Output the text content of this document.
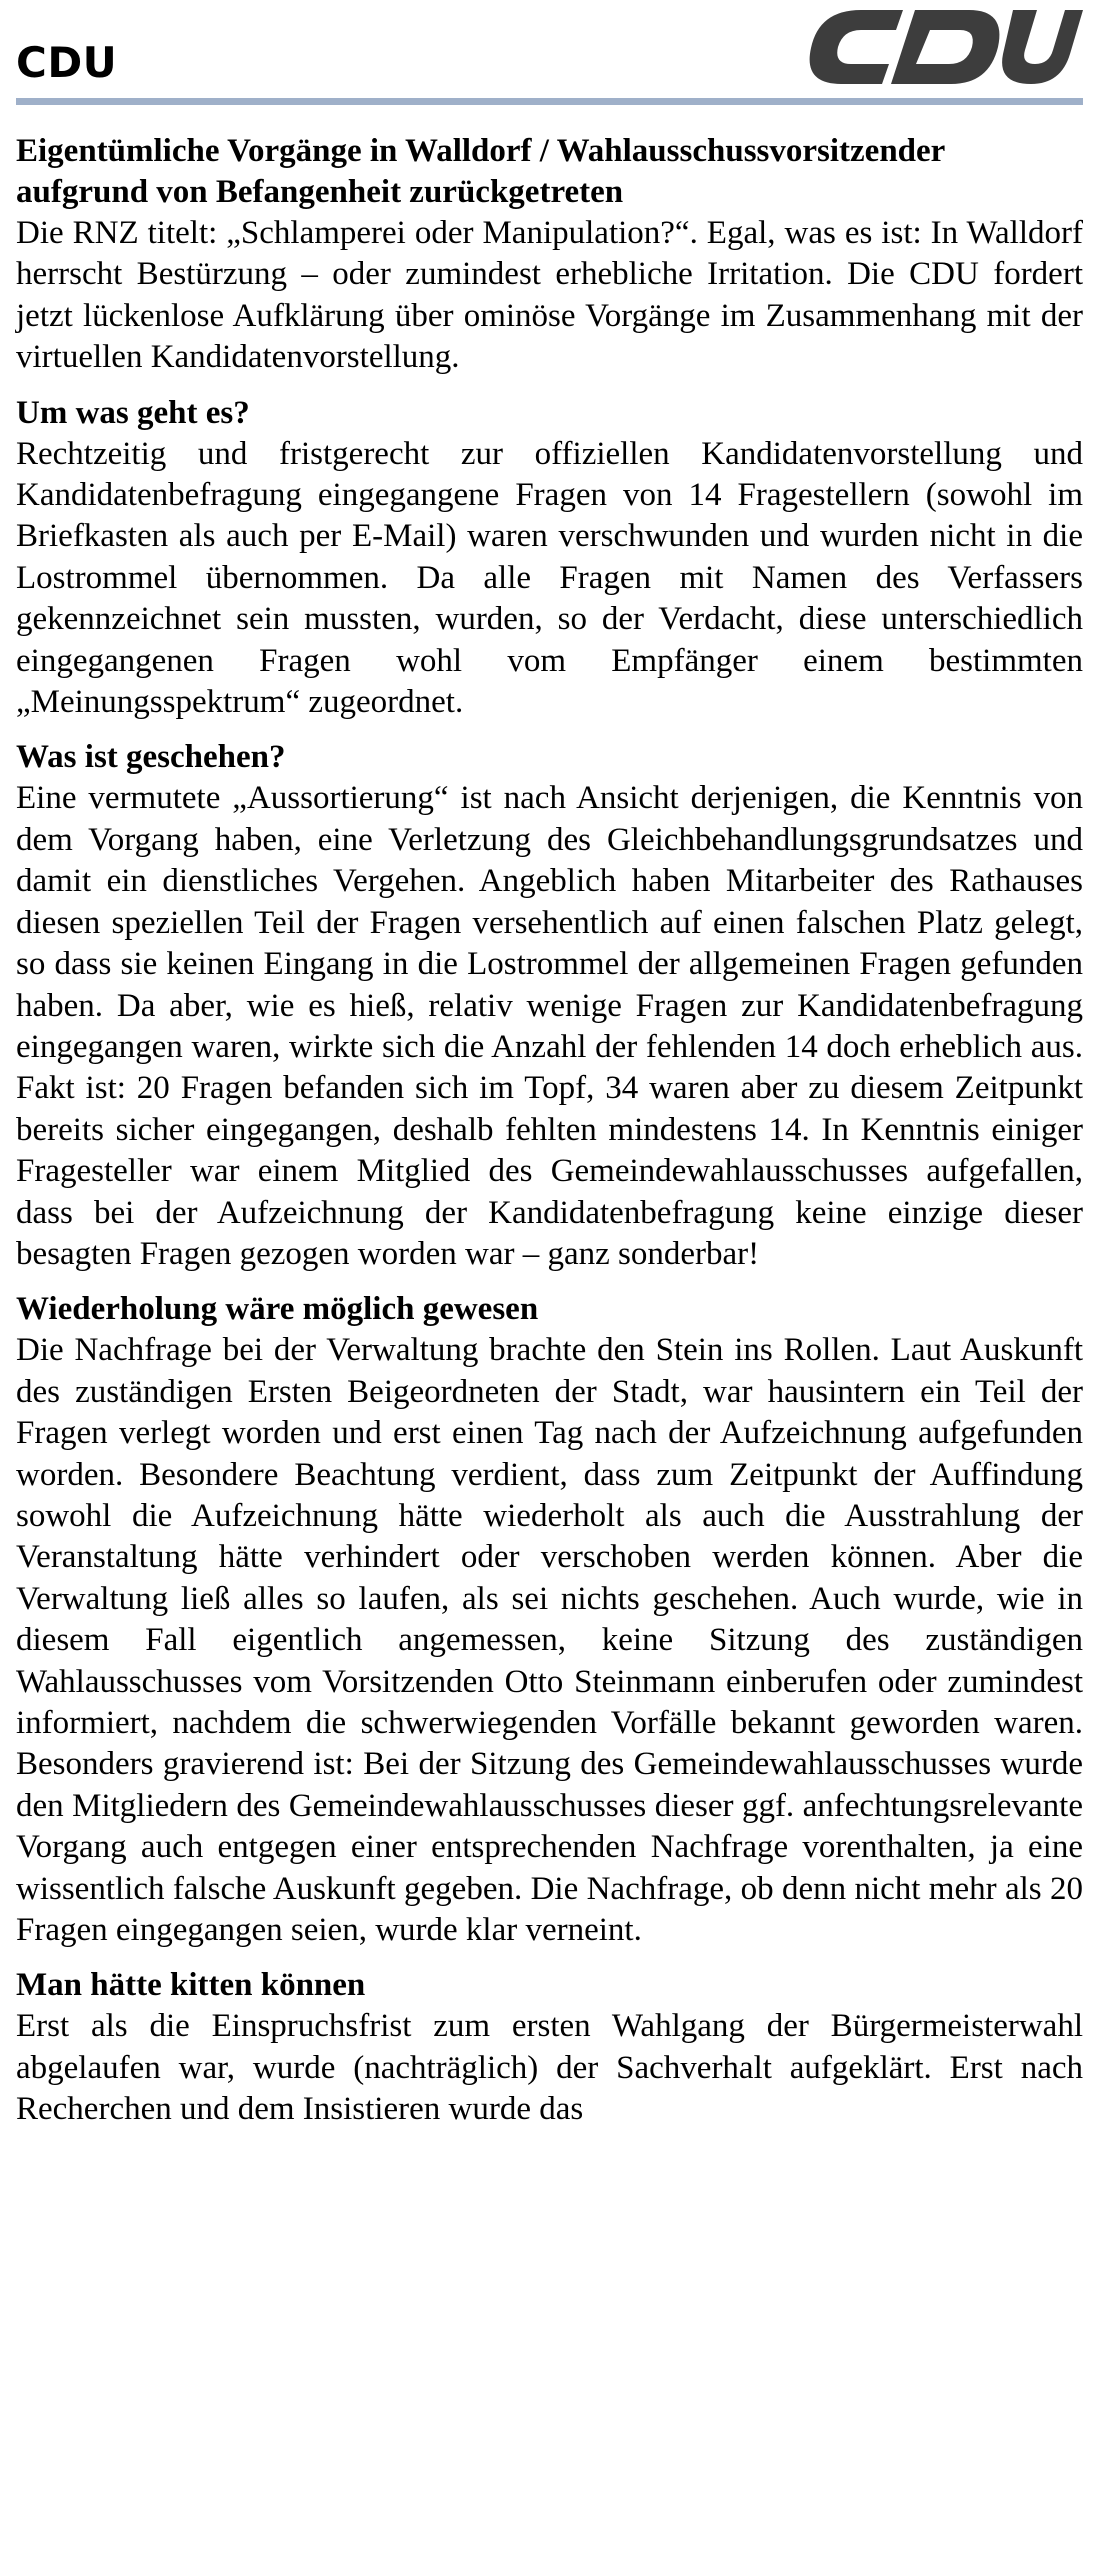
CDU
Eigentümliche Vorgänge in Walldorf / Wahlausschussvorsitzender aufgrund von Befangenheit zurückgetreten

Die RNZ titelt: „Schlamperei oder Manipulation?“. Egal, was es ist: In Walldorf herrscht Bestürzung – oder zumindest erhebliche Irritation. Die CDU fordert jetzt lückenlose Aufklärung über ominöse Vorgänge im Zusammenhang mit der virtuellen Kandidatenvorstellung.

Um was geht es?

Rechtzeitig und fristgerecht zur offiziellen Kandidatenvorstellung und Kandidatenbefragung eingegangene Fragen von 14 Fragestellern (sowohl im Briefkasten als auch per E-Mail) waren verschwunden und wurden nicht in die Lostrommel übernommen. Da alle Fragen mit Namen des Verfassers gekennzeichnet sein mussten, wurden, so der Verdacht, diese unterschiedlich eingegangenen Fragen wohl vom Empfänger einem bestimmten „Meinungsspektrum“ zugeordnet.

Was ist geschehen?

Eine vermutete „Aussortierung“ ist nach Ansicht derjenigen, die Kenntnis von dem Vorgang haben, eine Verletzung des Gleichbehandlungsgrundsatzes und damit ein dienstliches Vergehen. Angeblich haben Mitarbeiter des Rathauses diesen speziellen Teil der Fragen versehentlich auf einen falschen Platz gelegt, so dass sie keinen Eingang in die Lostrommel der allgemeinen Fragen gefunden haben. Da aber, wie es hieß, relativ wenige Fragen zur Kandidatenbefragung eingegangen waren, wirkte sich die Anzahl der fehlenden 14 doch erheblich aus. Fakt ist: 20 Fragen befanden sich im Topf, 34 waren aber zu diesem Zeitpunkt bereits sicher eingegangen, deshalb fehlten mindestens 14. In Kenntnis einiger Fragesteller war einem Mitglied des Gemeindewahlausschusses aufgefallen, dass bei der Aufzeichnung der Kandidatenbefragung keine einzige dieser besagten Fragen gezogen worden war – ganz sonderbar!

Wiederholung wäre möglich gewesen

Die Nachfrage bei der Verwaltung brachte den Stein ins Rollen. Laut Auskunft des zuständigen Ersten Beigeordneten der Stadt, war hausintern ein Teil der Fragen verlegt worden und erst einen Tag nach der Aufzeichnung aufgefunden worden. Besondere Beachtung verdient, dass zum Zeitpunkt der Auffindung sowohl die Aufzeichnung hätte wiederholt als auch die Ausstrahlung der Veranstaltung hätte verhindert oder verschoben werden können. Aber die Verwaltung ließ alles so laufen, als sei nichts geschehen. Auch wurde, wie in diesem Fall eigentlich angemessen, keine Sitzung des zuständigen Wahlausschusses vom Vorsitzenden Otto Steinmann einberufen oder zumindest informiert, nachdem die schwerwiegenden Vorfälle bekannt geworden waren. Besonders gravierend ist: Bei der Sitzung des Gemeindewahlausschusses wurde den Mitgliedern des Gemeindewahlausschusses dieser ggf. anfechtungsrelevante Vorgang auch entgegen einer entsprechenden Nachfrage vorenthalten, ja eine wissentlich falsche Auskunft gegeben. Die Nachfrage, ob denn nicht mehr als 20 Fragen eingegangen seien, wurde klar verneint.

Man hätte kitten können

Erst als die Einspruchsfrist zum ersten Wahlgang der Bürgermeisterwahl abgelaufen war, wurde (nachträglich) der Sachverhalt aufgeklärt. Erst nach Recherchen und dem Insistieren wurde das
